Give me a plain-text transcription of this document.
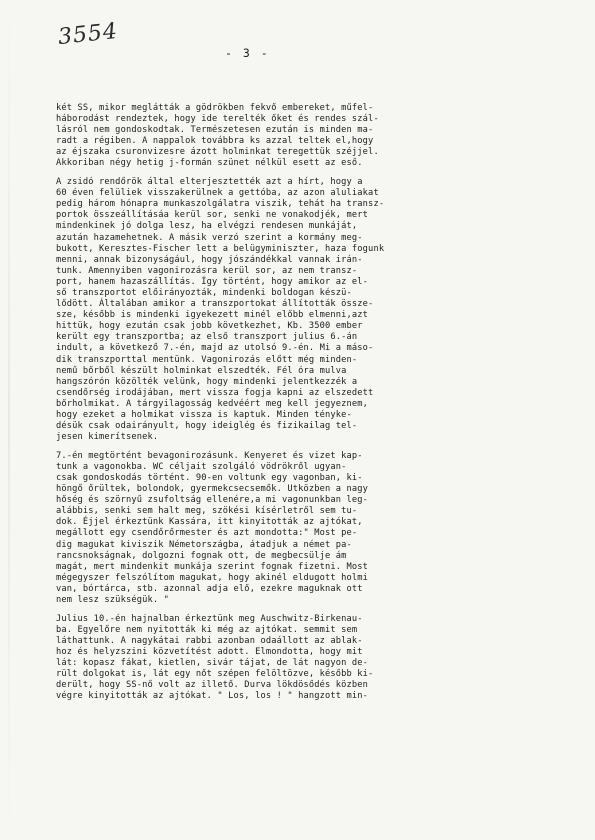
3554
- 3 -
két SS, mikor meglátták a gödrökben fekvő embereket, műfel-
háborodást rendeztek, hogy ide terelték őket és rendes szál-
lásról nem gondoskodtak. Természetesen ezután is minden ma-
radt a régiben. A nappalok továbbra ks azzal teltek el,hogy
az éjszaka csuronvizesre ázott holminkat teregettük széjjel.
Akkoriban négy hetig j-formán szünet nélkül esett az eső.
A zsidó rendőrök által elterjesztették azt a hírt, hogy a
60 éven felüliek visszakerülnek a gettóba, az azon aluliakat
pedig három hónapra munkaszolgálatra viszik, tehát ha transz-
portok összeállításáa kerül sor, senki ne vonakodjék, mert
mindenkinek jó dolga lesz, ha elvégzi rendesen munkáját,
azután hazamehetnek. A másik verzó szerint a kormány meg-
bukott, Keresztes-Fischer lett a belügyminiszter, haza fogunk
menni, annak bizonyságául, hogy jószándékkal vannak irán-
tunk. Amennyiben vagonirozásra kerül sor, az nem transz-
port, hanem hazaszállítás. Így történt, hogy amikor az el-
ső transzportot előirányozták, mindenki boldogan készü-
lődött. Általában amikor a transzportokat állították össze-
sze, később is mindenki igyekezett minél előbb elmenni,azt
hittük, hogy ezután csak jobb következhet, Kb. 3500 ember
került egy transzportba; az első transzport julius 6.-án
indult, a következő 7.-én, majd az utolsó 9.-én. Mi a máso-
dik transzporttal mentünk. Vagonirozás előtt még minden-
nemű bőrből készült holminkat elszedték. Fél óra mulva
hangszórón közölték velünk, hogy mindenki jelentkezzék a
csendőrség irodájában, mert vissza fogja kapni az elszedett
bőrholmikat. A tárgyilagosság kedvéért meg kell jegyeznem,
hogy ezeket a holmikat vissza is kaptuk. Minden tényke-
désük csak odairányult, hogy ideiglég és fizikailag tel-
jesen kimerítsenek.
7.-én megtörtént bevagonirozásunk. Kenyeret és vizet kap-
tunk a vagonokba. WC céljait szolgáló vödrökről ugyan-
csak gondoskodás történt. 90-en voltunk egy vagonban, ki-
höngő őrültek, bolondok, gyermekcsecsemők. Utközben a nagy
hőség és szörnyű zsufoltság ellenére,a mi vagonunkban leg-
alábbis, senki sem halt meg, szökési kísérletről sem tu-
dok. Éjjel érkeztünk Kassára, itt kinyitották az ajtókat,
megállott egy csendőrőrmester és azt mondotta:" Most pe-
dig magukat kiviszik Németországba, átadjuk a német pa-
rancsnokságnak, dolgozni fognak ott, de megbecsülje ám
magát, mert mindenkit munkája szerint fognak fizetni. Most
mégegyszer felszólítom magukat, hogy akinél eldugott holmi
van, bórtárca, stb. azonnal adja elő, ezekre maguknak ott
nem lesz szükségük. "
Julius 10.-én hajnalban érkeztünk meg Auschwitz-Birkenau-
ba. Egyelőre nem nyitották ki még az ajtókat. semmit sem
láthattunk. A nagykátai rabbi azonban odaállott az ablak-
hoz és helyzszini közvetítést adott. Elmondotta, hogy mit
lát: kopasz fákat, kietlen, sivár tájat, de lát nagyon de-
rült dolgokat is, lát egy nőt szépen felöltözve, később ki-
derült, hogy SS-nő volt az illető. Durva lökdösődés közben
végre kinyitották az ajtókat. " Los, los ! " hangzott min-
